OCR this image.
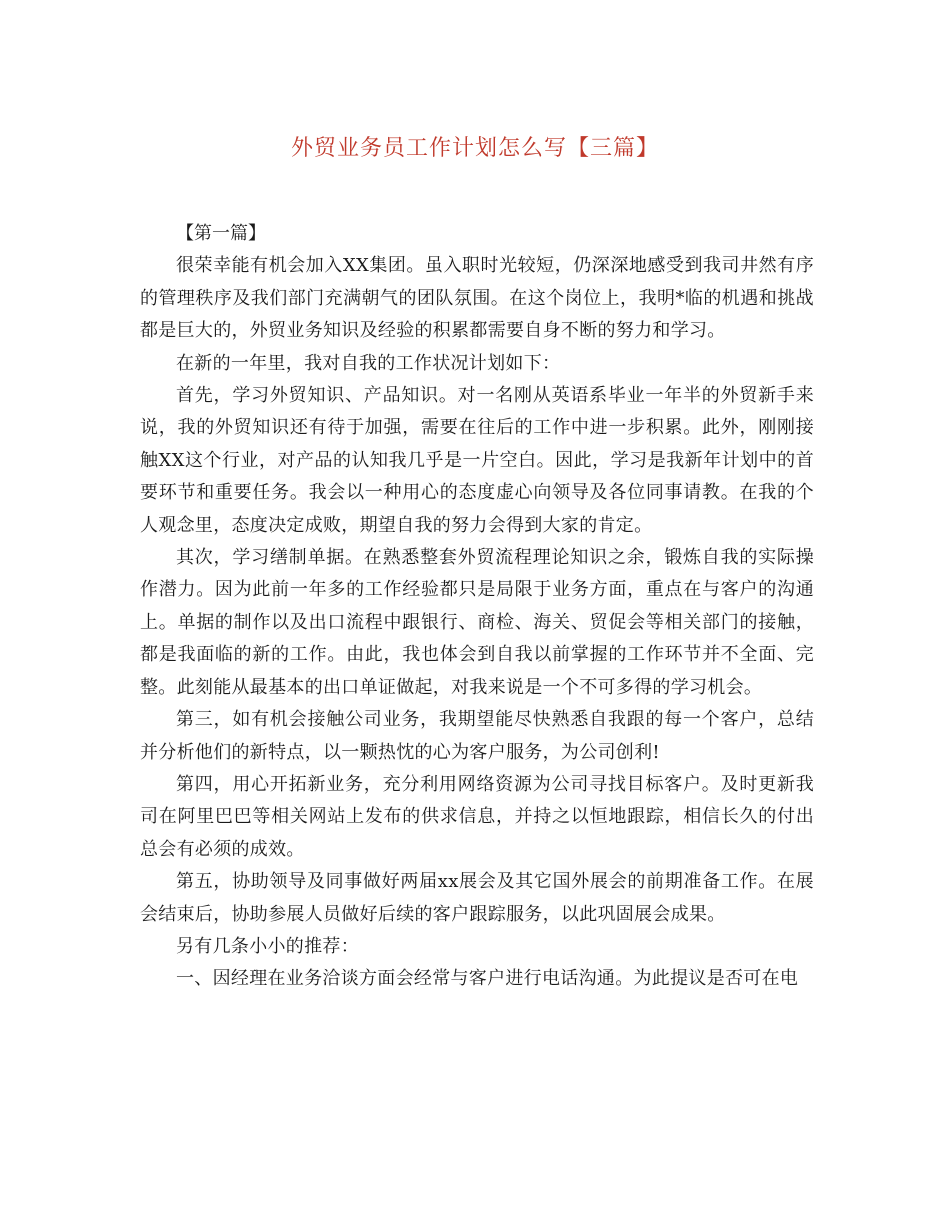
外贸业务员工作计划怎么写【三篇】

【第一篇】

很荣幸能有机会加入XX集团。虽入职时光较短，仍深深地感受到我司井然有序的管理秩序及我们部门充满朝气的团队氛围。在这个岗位上，我明*临的机遇和挑战都是巨大的，外贸业务知识及经验的积累都需要自身不断的努力和学习。

在新的一年里，我对自我的工作状况计划如下：

首先，学习外贸知识、产品知识。对一名刚从英语系毕业一年半的外贸新手来说，我的外贸知识还有待于加强，需要在往后的工作中进一步积累。此外，刚刚接触XX这个行业，对产品的认知我几乎是一片空白。因此，学习是我新年计划中的首要环节和重要任务。我会以一种用心的态度虚心向领导及各位同事请教。在我的个人观念里，态度决定成败，期望自我的努力会得到大家的肯定。

其次，学习缮制单据。在熟悉整套外贸流程理论知识之余，锻炼自我的实际操作潜力。因为此前一年多的工作经验都只是局限于业务方面，重点在与客户的沟通上。单据的制作以及出口流程中跟银行、商检、海关、贸促会等相关部门的接触，都是我面临的新的工作。由此，我也体会到自我以前掌握的工作环节并不全面、完整。此刻能从最基本的出口单证做起，对我来说是一个不可多得的学习机会。

第三，如有机会接触公司业务，我期望能尽快熟悉自我跟的每一个客户，总结并分析他们的新特点，以一颗热忱的心为客户服务，为公司创利!

第四，用心开拓新业务，充分利用网络资源为公司寻找目标客户。及时更新我司在阿里巴巴等相关网站上发布的供求信息，并持之以恒地跟踪，相信长久的付出总会有必须的成效。

第五，协助领导及同事做好两届xx展会及其它国外展会的前期准备工作。在展会结束后，协助参展人员做好后续的客户跟踪服务，以此巩固展会成果。

另有几条小小的推荐：

一、因经理在业务洽谈方面会经常与客户进行电话沟通。为此提议是否可在电
